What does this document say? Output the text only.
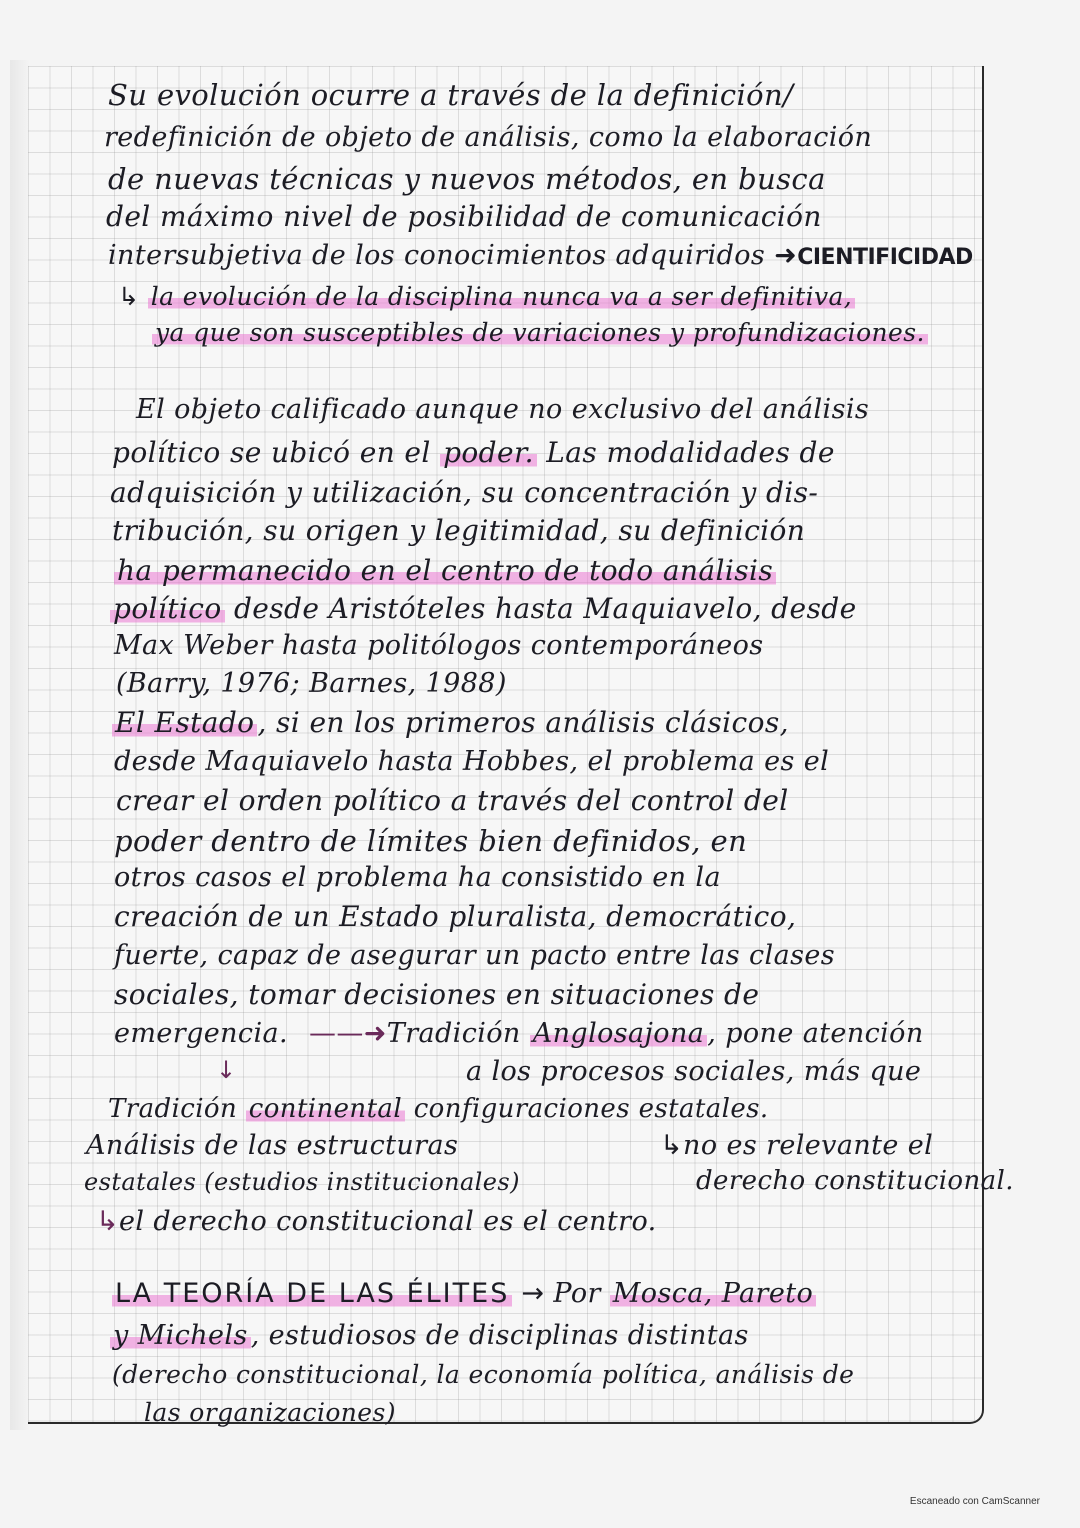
Su evolución ocurre a través de la definición/
redefinición de objeto de análisis, como la elaboración
de nuevas técnicas y nuevos métodos, en busca
del máximo nivel de posibilidad de comunicación
intersubjetiva de los conocimientos adquiridos ➜CIENTIFICIDAD
↳ la evolución de la disciplina nunca va a ser definitiva,
ya que son susceptibles de variaciones y profundizaciones.
El objeto calificado aunque no exclusivo del análisis
político se ubicó en el poder. Las modalidades de
adquisición y utilización, su concentración y dis-
tribución, su origen y legitimidad, su definición
ha permanecido en el centro de todo análisis
político desde Aristóteles hasta Maquiavelo, desde
Max Weber hasta politólogos contemporáneos
(Barry, 1976; Barnes, 1988)
El Estado , si en los primeros análisis clásicos,
desde Maquiavelo hasta Hobbes, el problema es el
crear el orden político a través del control del
poder dentro de límites bien definidos, en
otros casos el problema ha consistido en la
creación de un Estado pluralista, democrático,
fuerte, capaz de asegurar un pacto entre las clases
sociales, tomar decisiones en situaciones de
emergencia. ——➜Tradición Anglosajona , pone atención
a los procesos sociales, más que
↓
Tradición continental configuraciones estatales.
Análisis de las estructuras	↳no es relevante el
estatales (estudios institucionales)	derecho constitucional.
↳el derecho constitucional es el centro.
LA TEORÍA DE LAS ÉLITES → Por Mosca, Pareto
y Michels , estudiosos de disciplinas distintas
(derecho constitucional, la economía política, análisis de
las organizaciones)
Escaneado con CamScanner
